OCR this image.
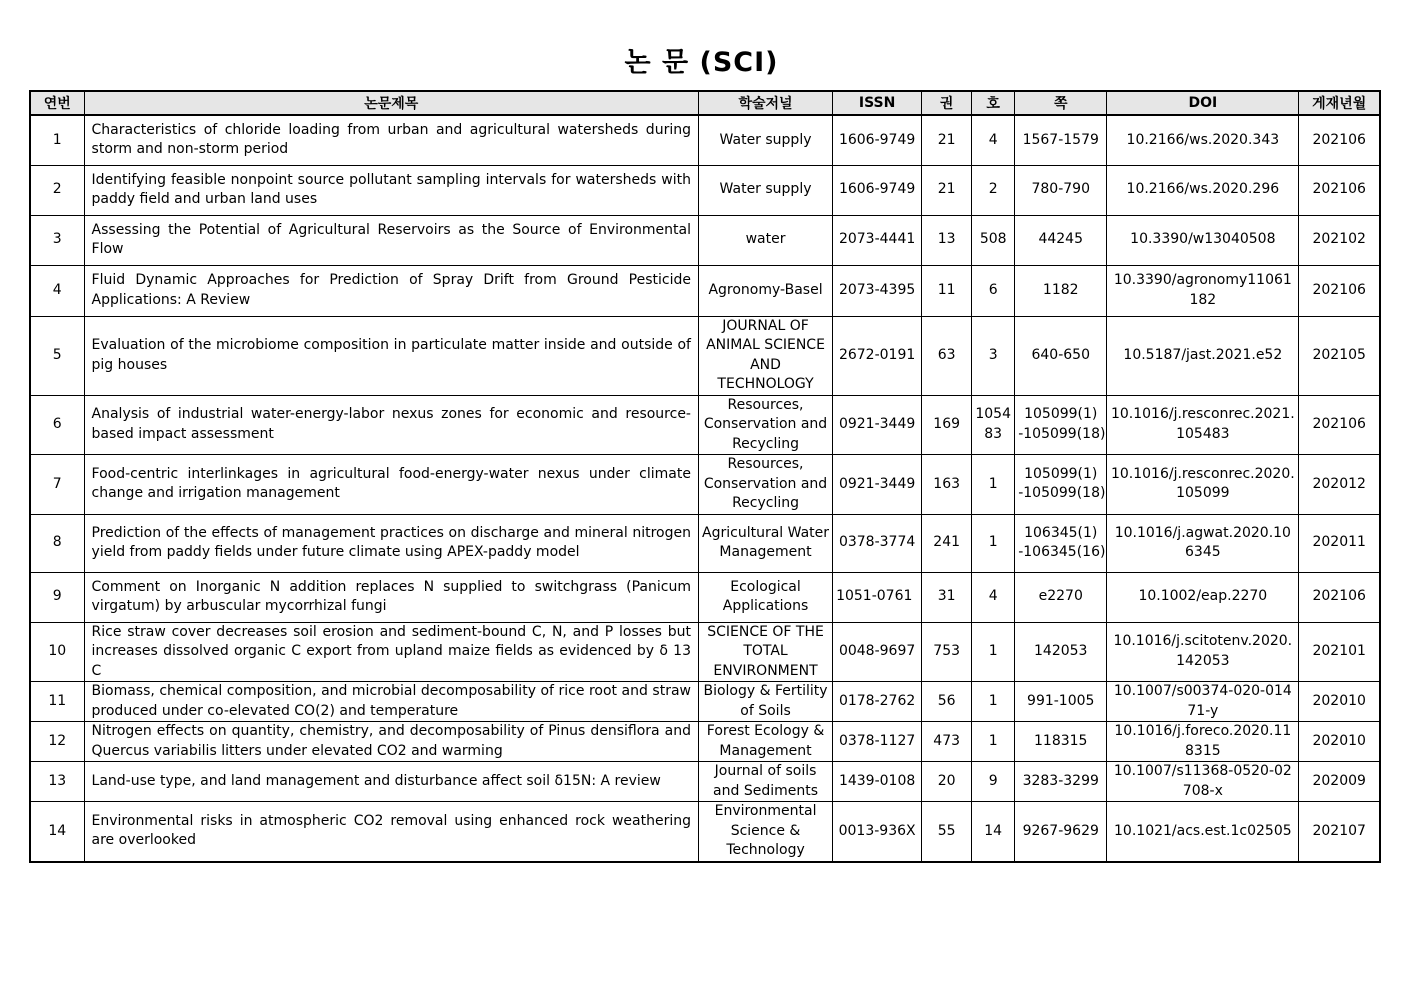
논 문 (SCI)
연번	논문제목	학술저널	ISSN	권	호	쪽	DOI	게재년월
1	Characteristics of chloride loading from urban and agricultural watersheds during storm and non-storm period	Water supply	1606-9749	21	4	1567-1579	10.2166/ws.2020.343	202106
2	Identifying feasible nonpoint source pollutant sampling intervals for watersheds with paddy field and urban land uses	Water supply	1606-9749	21	2	780-790	10.2166/ws.2020.296	202106
3	Assessing the Potential of Agricultural Reservoirs as the Source of Environmental Flow	water	2073-4441	13	508	44245	10.3390/w13040508	202102
4	Fluid Dynamic Approaches for Prediction of Spray Drift from Ground Pesticide Applications: A Review	Agronomy-Basel	2073-4395	11	6	1182	10.3390/agronomy11061182	202106
5	Evaluation of the microbiome composition in particulate matter inside and outside of pig houses	JOURNAL OF ANIMAL SCIENCE AND TECHNOLOGY	2672-0191	63	3	640-650	10.5187/jast.2021.e52	202105
6	Analysis of industrial water-energy-labor nexus zones for economic and resource-based impact assessment	Resources, Conservation and Recycling	0921-3449	169	105483	105099(1) -105099(18)	10.1016/j.resconrec.2021.105483	202106
7	Food-centric interlinkages in agricultural food-energy-water nexus under climate change and irrigation management	Resources, Conservation and Recycling	0921-3449	163	1	105099(1) -105099(18)	10.1016/j.resconrec.2020.105099	202012
8	Prediction of the effects of management practices on discharge and mineral nitrogen yield from paddy fields under future climate using APEX-paddy model	Agricultural Water Management	0378-3774	241	1	106345(1) -106345(16)	10.1016/j.agwat.2020.106345	202011
9	Comment on Inorganic N addition replaces N supplied to switchgrass (Panicum virgatum) by arbuscular mycorrhizal fungi	Ecological Applications	1051-0761	31	4	e2270	10.1002/eap.2270	202106
10	Rice straw cover decreases soil erosion and sediment-bound C, N, and P losses but increases dissolved organic C export from upland maize fields as evidenced by δ 13 C	SCIENCE OF THE TOTAL ENVIRONMENT	0048-9697	753	1	142053	10.1016/j.scitotenv.2020.142053	202101
11	Biomass, chemical composition, and microbial decomposability of rice root and straw produced under co-elevated CO(2) and temperature	Biology & Fertility of Soils	0178-2762	56	1	991-1005	10.1007/s00374-020-01471-y	202010
12	Nitrogen effects on quantity, chemistry, and decomposability of Pinus densiflora and Quercus variabilis litters under elevated CO2 and warming	Forest Ecology & Management	0378-1127	473	1	118315	10.1016/j.foreco.2020.118315	202010
13	Land-use type, and land management and disturbance affect soil δ15N: A review	Journal of soils and Sediments	1439-0108	20	9	3283-3299	10.1007/s11368-0520-02708-x	202009
14	Environmental risks in atmospheric CO2 removal using enhanced rock weathering are overlooked	Environmental Science & Technology	0013-936X	55	14	9267-9629	10.1021/acs.est.1c02505	202107
